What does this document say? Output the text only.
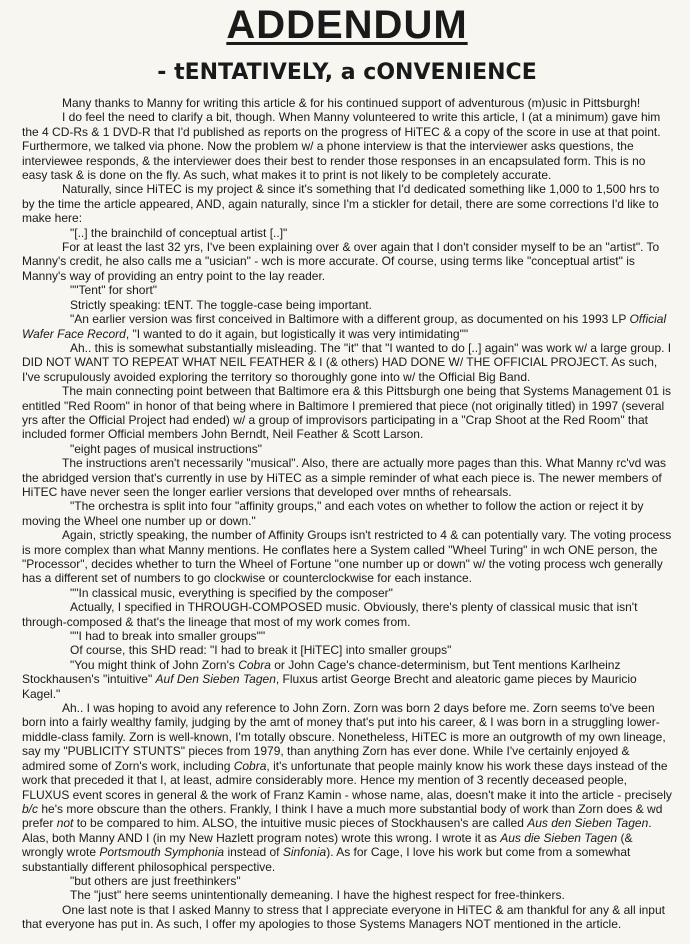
ADDENDUM
- tENTATIVELY, a cONVENIENCE

Many thanks to Manny for writing this article & for his continued support of adventurous (m)usic in Pittsburgh!

I do feel the need to clarify a bit, though. When Manny volunteered to write this article, I (at a minimum) gave him the 4 CD-Rs & 1 DVD-R that I'd published as reports on the progress of HiTEC & a copy of the score in use at that point. Furthermore, we talked via phone. Now the problem w/ a phone interview is that the interviewer asks questions, the interviewee responds, & the interviewer does their best to render those responses in an encapsulated form. This is no easy task & is done on the fly. As such, what makes it to print is not likely to be completely accurate.

Naturally, since HiTEC is my project & since it's something that I'd dedicated something like 1,000 to 1,500 hrs to by the time the article appeared, AND, again naturally, since I'm a stickler for detail, there are some corrections I'd like to make here:

"[..] the brainchild of conceptual artist [..]"

For at least the last 32 yrs, I've been explaining over & over again that I don't consider myself to be an "artist". To Manny's credit, he also calls me a "usician" - wch is more accurate. Of course, using terms like "conceptual artist" is Manny's way of providing an entry point to the lay reader.

""Tent" for short"

Strictly speaking: tENT. The toggle-case being important.

"An earlier version was first conceived in Baltimore with a different group, as documented on his 1993 LP Official Wafer Face Record, "I wanted to do it again, but logistically it was very intimidating""

Ah.. this is somewhat substantially misleading. The "it" that "I wanted to do [..] again" was work w/ a large group. I DID NOT WANT TO REPEAT WHAT NEIL FEATHER & I (& others) HAD DONE W/ THE OFFICIAL PROJECT. As such, I've scrupulously avoided exploring the territory so thoroughly gone into w/ the Official Big Band.

The main connecting point between that Baltimore era & this Pittsburgh one being that Systems Management 01 is entitled "Red Room" in honor of that being where in Baltimore I premiered that piece (not originally titled) in 1997 (several yrs after the Official Project had ended) w/ a group of improvisors participating in a "Crap Shoot at the Red Room" that included former Official members John Berndt, Neil Feather & Scott Larson.

"eight pages of musical instructions"

The instructions aren't necessarily "musical". Also, there are actually more pages than this. What Manny rc'vd was the abridged version that's currently in use by HiTEC as a simple reminder of what each piece is. The newer members of HiTEC have never seen the longer earlier versions that developed over mnths of rehearsals.

"The orchestra is split into four "affinity groups," and each votes on whether to follow the action or reject it by moving the Wheel one number up or down."

Again, strictly speaking, the number of Affinity Groups isn't restricted to 4 & can potentially vary. The voting process is more complex than what Manny mentions. He conflates here a System called "Wheel Turing" in wch ONE person, the "Processor", decides whether to turn the Wheel of Fortune "one number up or down" w/ the voting process wch generally has a different set of numbers to go clockwise or counterclockwise for each instance.

""In classical music, everything is specified by the composer"

Actually, I specified in THROUGH-COMPOSED music. Obviously, there's plenty of classical music that isn't through-composed & that's the lineage that most of my work comes from.

""I had to break into smaller groups""

Of course, this SHD read: "I had to break it [HiTEC] into smaller groups"

"You might think of John Zorn's Cobra or John Cage's chance-determinism, but Tent mentions Karlheinz Stockhausen's "intuitive" Auf Den Sieben Tagen, Fluxus artist George Brecht and aleatoric game pieces by Mauricio Kagel."

Ah.. I was hoping to avoid any reference to John Zorn. Zorn was born 2 days before me. Zorn seems to've been born into a fairly wealthy family, judging by the amt of money that's put into his career, & I was born in a struggling lower-middle-class family. Zorn is well-known, I'm totally obscure. Nonetheless, HiTEC is more an outgrowth of my own lineage, say my "PUBLICITY STUNTS" pieces from 1979, than anything Zorn has ever done. While I've certainly enjoyed & admired some of Zorn's work, including Cobra, it's unfortunate that people mainly know his work these days instead of the work that preceded it that I, at least, admire considerably more. Hence my mention of 3 recently deceased people, FLUXUS event scores in general & the work of Franz Kamin - whose name, alas, doesn't make it into the article - precisely b/c he's more obscure than the others. Frankly, I think I have a much more substantial body of work than Zorn does & wd prefer not to be compared to him. ALSO, the intuitive music pieces of Stockhausen's are called Aus den Sieben Tagen. Alas, both Manny AND I (in my New Hazlett program notes) wrote this wrong. I wrote it as Aus die Sieben Tagen (& wrongly wrote Portsmouth Symphonia instead of Sinfonia). As for Cage, I love his work but come from a somewhat substantially different philosophical perspective.

"but others are just freethinkers"

The "just" here seems unintentionally demeaning. I have the highest respect for free-thinkers.

One last note is that I asked Manny to stress that I appreciate everyone in HiTEC & am thankful for any & all input that everyone has put in. As such, I offer my apologies to those Systems Managers NOT mentioned in the article.
